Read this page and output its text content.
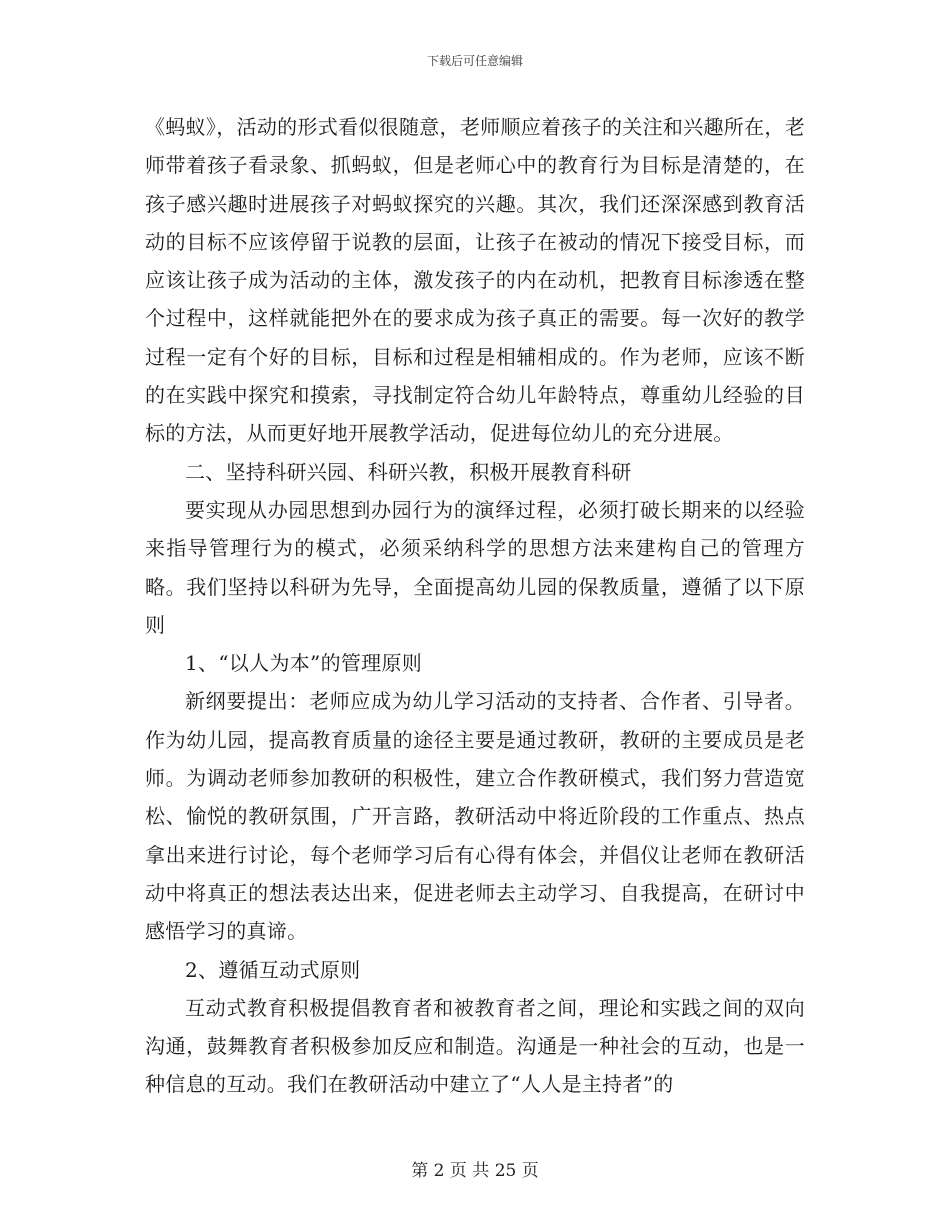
下载后可任意编辑

《蚂蚁》，活动的形式看似很随意，老师顺应着孩子的关注和兴趣所在，老师带着孩子看录象、抓蚂蚁，但是老师心中的教育行为目标是清楚的，在孩子感兴趣时进展孩子对蚂蚁探究的兴趣。其次，我们还深深感到教育活动的目标不应该停留于说教的层面，让孩子在被动的情况下接受目标，而应该让孩子成为活动的主体，激发孩子的内在动机，把教育目标渗透在整个过程中，这样就能把外在的要求成为孩子真正的需要。每一次好的教学过程一定有个好的目标，目标和过程是相辅相成的。作为老师，应该不断的在实践中探究和摸索，寻找制定符合幼儿年龄特点，尊重幼儿经验的目标的方法，从而更好地开展教学活动，促进每位幼儿的充分进展。

二、坚持科研兴园、科研兴教，积极开展教育科研

要实现从办园思想到办园行为的演绎过程，必须打破长期来的以经验来指导管理行为的模式，必须采纳科学的思想方法来建构自己的管理方略。我们坚持以科研为先导，全面提高幼儿园的保教质量，遵循了以下原则

1、“以人为本”的管理原则

新纲要提出：老师应成为幼儿学习活动的支持者、合作者、引导者。作为幼儿园，提高教育质量的途径主要是通过教研，教研的主要成员是老师。为调动老师参加教研的积极性，建立合作教研模式，我们努力营造宽松、愉悦的教研氛围，广开言路，教研活动中将近阶段的工作重点、热点拿出来进行讨论，每个老师学习后有心得有体会，并倡仪让老师在教研活动中将真正的想法表达出来，促进老师去主动学习、自我提高，在研讨中感悟学习的真谛。

2、遵循互动式原则

互动式教育积极提倡教育者和被教育者之间，理论和实践之间的双向沟通，鼓舞教育者积极参加反应和制造。沟通是一种社会的互动，也是一种信息的互动。我们在教研活动中建立了“人人是主持者”的

第 2 页 共 25 页
